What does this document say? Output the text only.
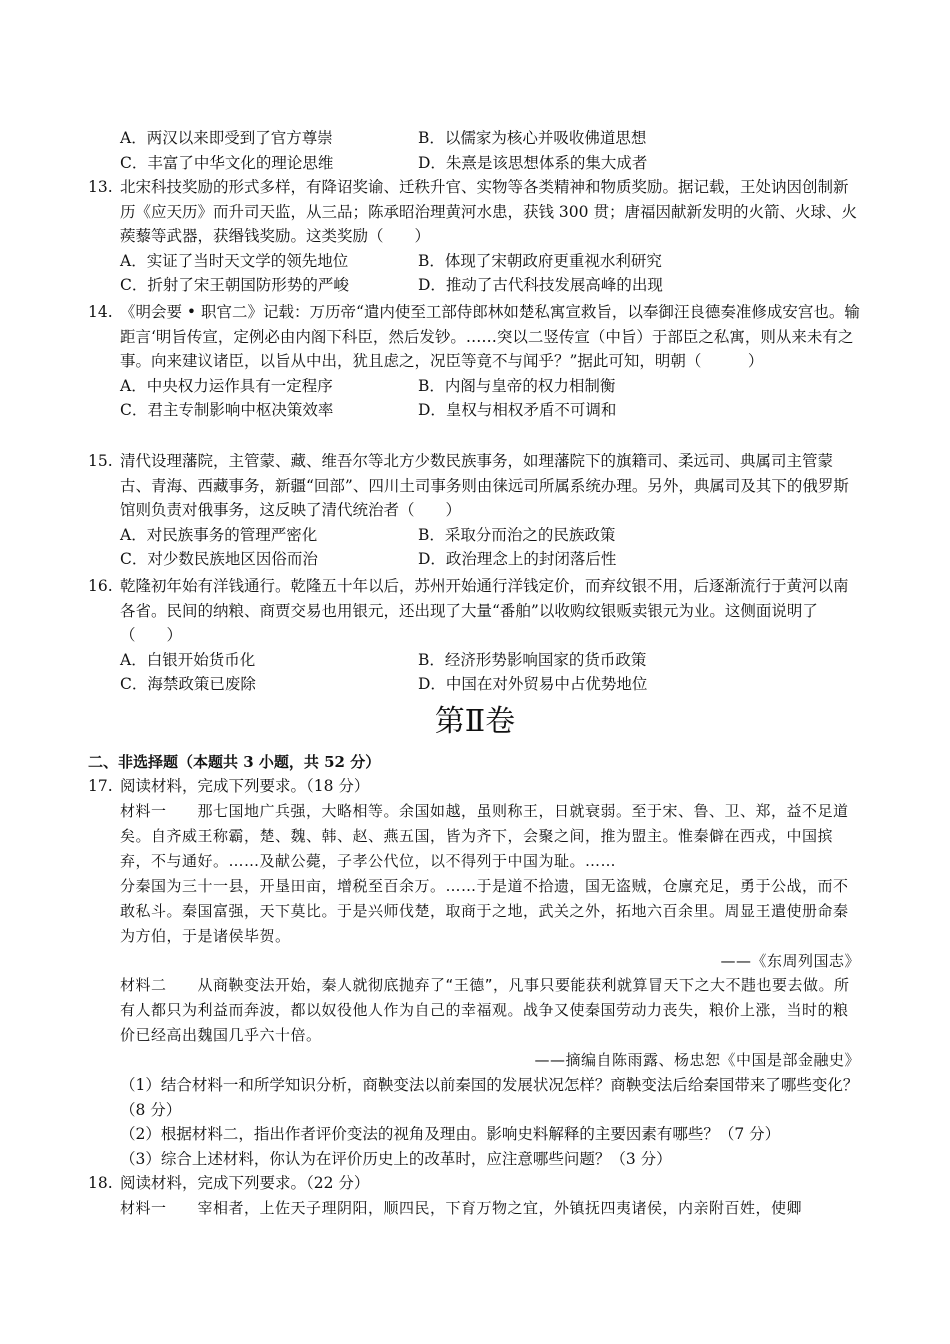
A．两汉以来即受到了官方尊崇	B．以儒家为核心并吸收佛道思想
C．丰富了中华文化的理论思维	D．朱熹是该思想体系的集大成者
13. 北宋科技奖励的形式多样，有降诏奖谕、迁秩升官、实物等各类精神和物质奖励。据记载，王处讷因创制新历《应天历》而升司天监，从三品；陈承昭治理黄河水患，获钱 300 贯；唐福因献新发明的火箭、火球、火蒺藜等武器，获缗钱奖励。这类奖励（　　）
A．实证了当时天文学的领先地位	B．体现了宋朝政府更重视水利研究
C．折射了宋王朝国防形势的严峻	D．推动了古代科技发展高峰的出现
14. 《明会要 • 职官二》记载：万历帝“遣内使至工部侍郎林如楚私寓宣救旨，以奉御汪良德奏准修成安宫也。输距言‘明旨传宣，定例必由内阁下科臣，然后发钞。……突以二竖传宣（中旨）于部臣之私寓，则从来未有之事。向来建议诸臣，以旨从中出，犹且虑之，况臣等竟不与闻乎？”据此可知，明朝（　　　）
A．中央权力运作具有一定程序	B．内阁与皇帝的权力相制衡
C．君主专制影响中枢决策效率	D．皇权与相权矛盾不可调和
15. 清代设理藩院，主管蒙、藏、维吾尔等北方少数民族事务，如理藩院下的旗籍司、柔远司、典属司主管蒙古、青海、西藏事务，新疆“回部”、四川土司事务则由徕远司所属系统办理。另外，典属司及其下的俄罗斯馆则负责对俄事务，这反映了清代统治者（　　）
A．对民族事务的管理严密化	B．采取分而治之的民族政策
C．对少数民族地区因俗而治	D．政治理念上的封闭落后性
16. 乾隆初年始有洋钱通行。乾隆五十年以后，苏州开始通行洋钱定价，而弃纹银不用，后逐渐流行于黄河以南各省。民间的纳粮、商贾交易也用银元，还出现了大量“番舶”以收购纹银贩卖银元为业。这侧面说明了（　　）
A．白银开始货币化	B．经济形势影响国家的货币政策
C．海禁政策已废除	D．中国在对外贸易中占优势地位
第Ⅱ卷
二、非选择题（本题共 3 小题，共 52 分）
17. 阅读材料，完成下列要求。（18 分）
材料一　　那七国地广兵强，大略相等。余国如越，虽则称王，日就衰弱。至于宋、鲁、卫、郑，益不足道矣。自齐威王称霸，楚、魏、韩、赵、燕五国，皆为齐下，会聚之间，推为盟主。惟秦僻在西戎，中国摈弃，不与通好。……及献公薨，子孝公代位，以不得列于中国为耻。……
分秦国为三十一县，开垦田亩，增税至百余万。……于是道不拾遗，国无盗贼，仓廪充足，勇于公战，而不敢私斗。秦国富强，天下莫比。于是兴师伐楚，取商于之地，武关之外，拓地六百余里。周显王遣使册命秦为方伯，于是诸侯毕贺。
——《东周列国志》
材料二　　从商鞅变法开始，秦人就彻底抛弃了“王德”，凡事只要能获利就算冒天下之大不韪也要去做。所有人都只为利益而奔波，都以奴役他人作为自己的幸福观。战争又使秦国劳动力丧失，粮价上涨，当时的粮价已经高出魏国几乎六十倍。
——摘编自陈雨露、杨忠恕《中国是部金融史》
（1）结合材料一和所学知识分析，商鞅变法以前秦国的发展状况怎样？商鞅变法后给秦国带来了哪些变化？（8 分）
（2）根据材料二，指出作者评价变法的视角及理由。影响史料解释的主要因素有哪些？（7 分）
（3）综合上述材料，你认为在评价历史上的改革时，应注意哪些问题？（3 分）
18. 阅读材料，完成下列要求。（22 分）
材料一　　宰相者，上佐天子理阴阳，顺四民，下育万物之宜，外镇抚四夷诸侯，内亲附百姓，使卿
